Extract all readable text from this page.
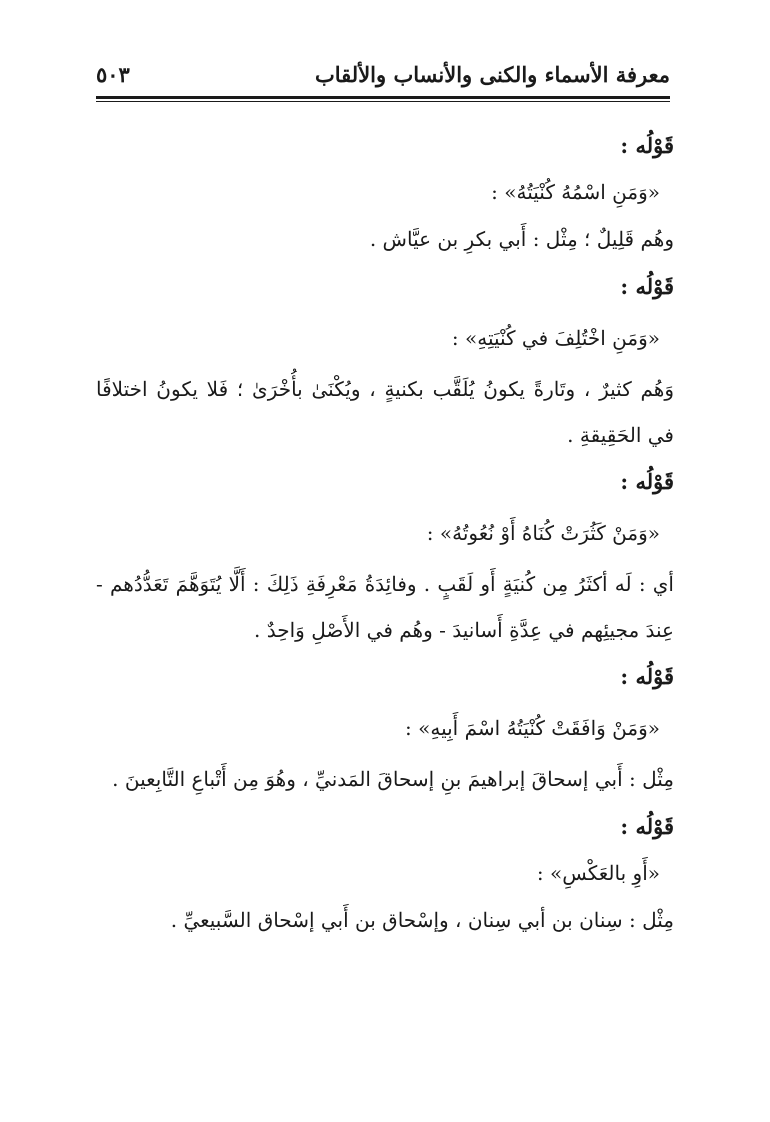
معرفة الأسماء والكنى والأنساب والألقاب
٥٠٣
قَوْلُه :
«وَمَنِ اسْمُهُ كُنْيَتُهُ» :
وهُم قَلِيلٌ ؛ مِثْل : أَبي بكرِ بن عيَّاش .
قَوْلُه :
«وَمَنِ اخْتُلِفَ في كُنْيَتِهِ» :
وَهُم كثيرٌ ، وتَارةً يكونُ يُلَقَّب بكنيةٍ ، ويُكْنَىٰ بأُخْرَىٰ ؛ فَلا يكونُ اختلافًا في الحَقِيقةِ .
قَوْلُه :
«وَمَنْ كَثُرَتْ كُنَاهُ أَوْ نُعُوتُهُ» :
أي : لَه أكثَرُ مِن كُنيَةٍ أَو لَقَبٍ . وفائِدَةُ مَعْرِفَةِ ذَلِكَ : أَلَّا يُتَوَهَّمَ تَعَدُّدُهم - عِندَ مجيئِهم في عِدَّةِ أَسانيدَ - وهُم في الأَصْلِ وَاحِدٌ .
قَوْلُه :
«وَمَنْ وَافَقَتْ كُنْيَتُهُ اسْمَ أَبِيهِ» :
مِثْل : أَبي إسحاقَ إبراهيمَ بنِ إسحاقَ المَدنيِّ ، وهُوَ مِن أَتْباعِ التَّابِعينَ .
قَوْلُه :
«أَوِ بالعَكْسِ» :
مِثْل : سِنان بن أبي سِنان ، وإسْحاق بن أَبي إسْحاق السَّبيعيِّ .
